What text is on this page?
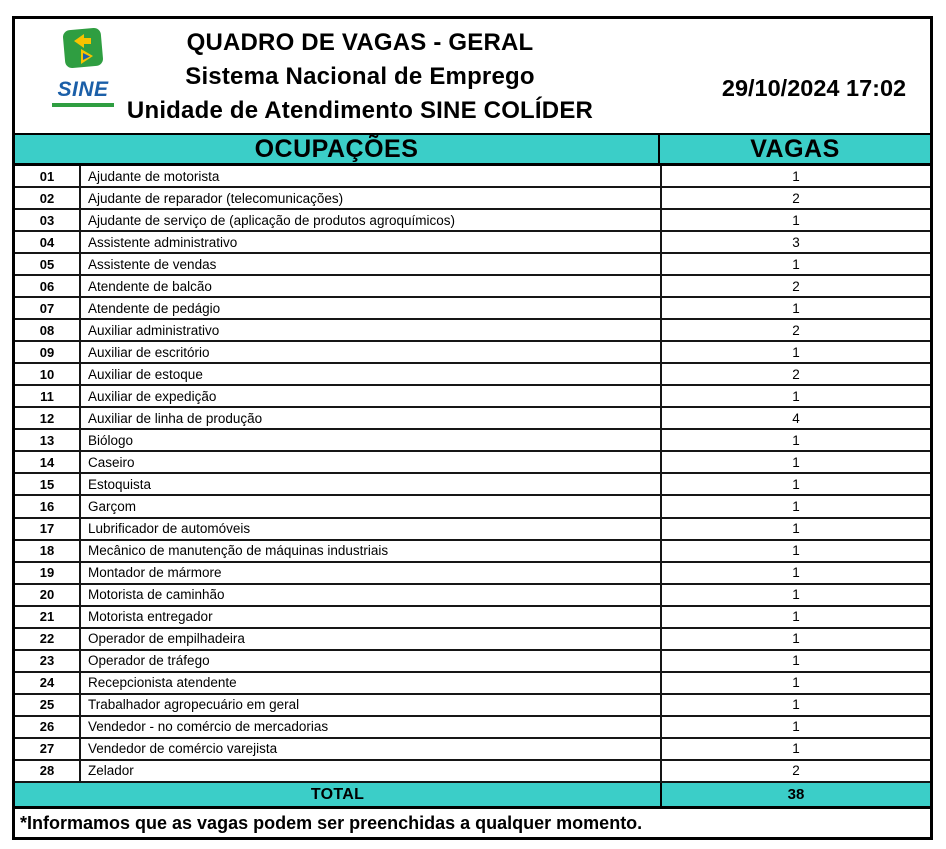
SINE
QUADRO DE VAGAS - GERAL
Sistema Nacional de Emprego
Unidade de Atendimento SINE COLÍDER
29/10/2024 17:02
OCUPAÇÕES	VAGAS
01	Ajudante de motorista	1
02	Ajudante de reparador (telecomunicações)	2
03	Ajudante de serviço de (aplicação de produtos agroquímicos)	1
04	Assistente administrativo	3
05	Assistente de vendas	1
06	Atendente de balcão	2
07	Atendente de pedágio	1
08	Auxiliar administrativo	2
09	Auxiliar de escritório	1
10	Auxiliar de estoque	2
11	Auxiliar de expedição	1
12	Auxiliar de linha de produção	4
13	Biólogo	1
14	Caseiro	1
15	Estoquista	1
16	Garçom	1
17	Lubrificador de automóveis	1
18	Mecânico de manutenção de máquinas industriais	1
19	Montador de mármore	1
20	Motorista de caminhão	1
21	Motorista entregador	1
22	Operador de empilhadeira	1
23	Operador de tráfego	1
24	Recepcionista atendente	1
25	Trabalhador agropecuário em geral	1
26	Vendedor - no comércio de mercadorias	1
27	Vendedor de comércio varejista	1
28	Zelador	2
TOTAL	38
*Informamos que as vagas podem ser preenchidas a qualquer momento.
